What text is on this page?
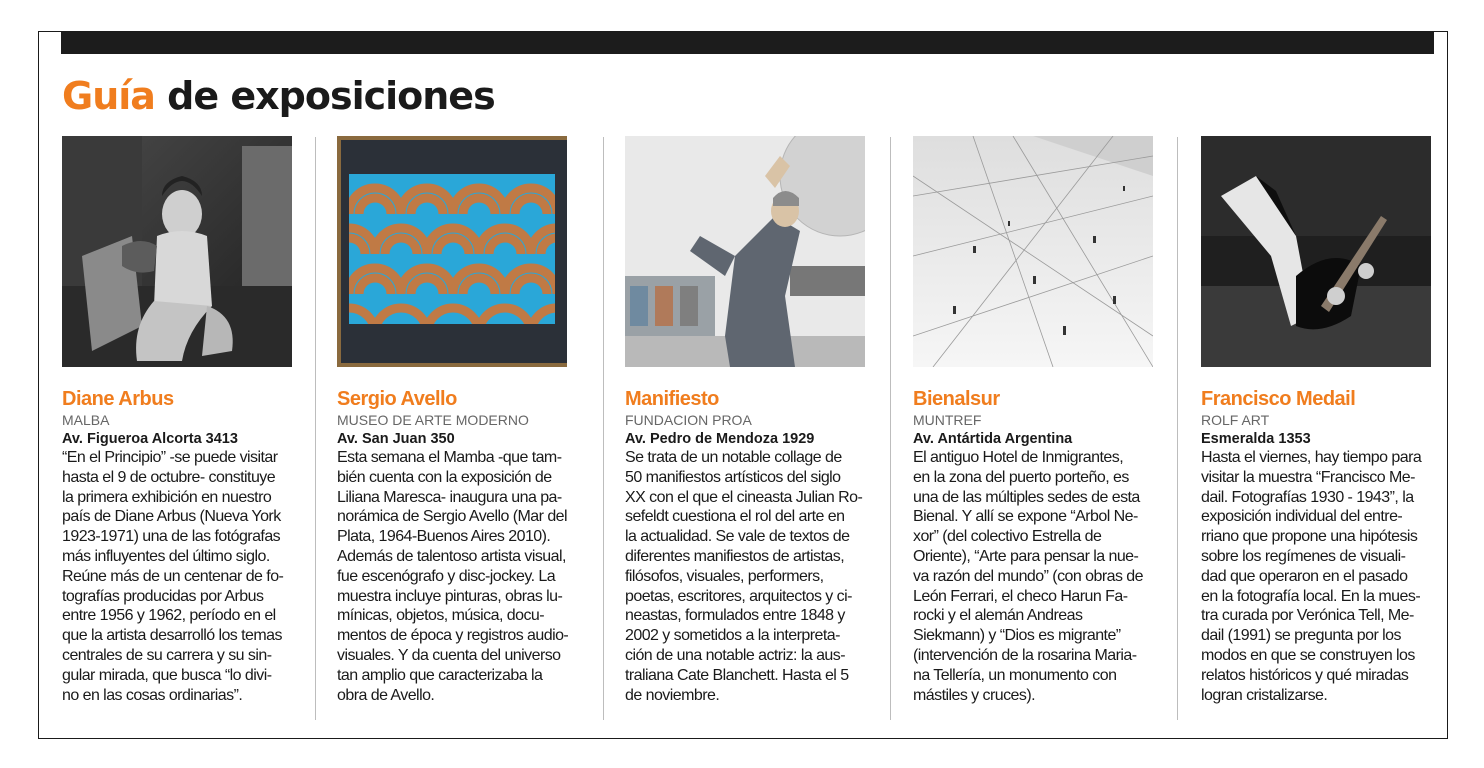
Guía de exposiciones

Diane Arbus

MALBA

Av. Figueroa Alcorta 3413

“En el Principio” -se puede visitar
hasta el 9 de octubre- constituye
la primera exhibición en nuestro
país de Diane Arbus (Nueva York
1923-1971) una de las fotógrafas
más influyentes del último siglo.
Reúne más de un centenar de fo-
tografías producidas por Arbus
entre 1956 y 1962, período en el
que la artista desarrolló los temas
centrales de su carrera y su sin-
gular mirada, que busca “lo divi-
no en las cosas ordinarias”.

Sergio Avello

MUSEO DE ARTE MODERNO

Av. San Juan 350

Esta semana el Mamba -que tam-
bién cuenta con la exposición de
Liliana Maresca- inaugura una pa-
norámica de Sergio Avello (Mar del
Plata, 1964-Buenos Aires 2010).
Además de talentoso artista visual,
fue escenógrafo y disc-jockey. La
muestra incluye pinturas, obras lu-
mínicas, objetos, música, docu-
mentos de época y registros audio-
visuales. Y da cuenta del universo
tan amplio que caracterizaba la
obra de Avello.

Manifiesto

FUNDACION PROA

Av. Pedro de Mendoza 1929

Se trata de un notable collage de
50 manifiestos artísticos del siglo
XX con el que el cineasta Julian Ro-
sefeldt cuestiona el rol del arte en
la actualidad. Se vale de textos de
diferentes manifiestos de artistas,
filósofos, visuales, performers,
poetas, escritores, arquitectos y ci-
neastas, formulados entre 1848 y
2002 y sometidos a la interpreta-
ción de una notable actriz: la aus-
traliana Cate Blanchett. Hasta el 5
de noviembre.

Bienalsur

MUNTREF

Av. Antártida Argentina

El antiguo Hotel de Inmigrantes,
en la zona del puerto porteño, es
una de las múltiples sedes de esta
Bienal. Y allí se expone “Arbol Ne-
xor” (del colectivo Estrella de
Oriente), “Arte para pensar la nue-
va razón del mundo” (con obras de
León Ferrari, el checo Harun Fa-
rocki y el alemán Andreas
Siekmann) y “Dios es migrante”
(intervención de la rosarina Maria-
na Tellería, un monumento con
mástiles y cruces).

Francisco Medail

ROLF ART

Esmeralda 1353

Hasta el viernes, hay tiempo para
visitar la muestra “Francisco Me-
dail. Fotografías 1930 - 1943”, la
exposición individual del entre-
rriano que propone una hipótesis
sobre los regímenes de visuali-
dad que operaron en el pasado
en la fotografía local. En la mues-
tra curada por Verónica Tell, Me-
dail (1991) se pregunta por los
modos en que se construyen los
relatos históricos y qué miradas
logran cristalizarse.
